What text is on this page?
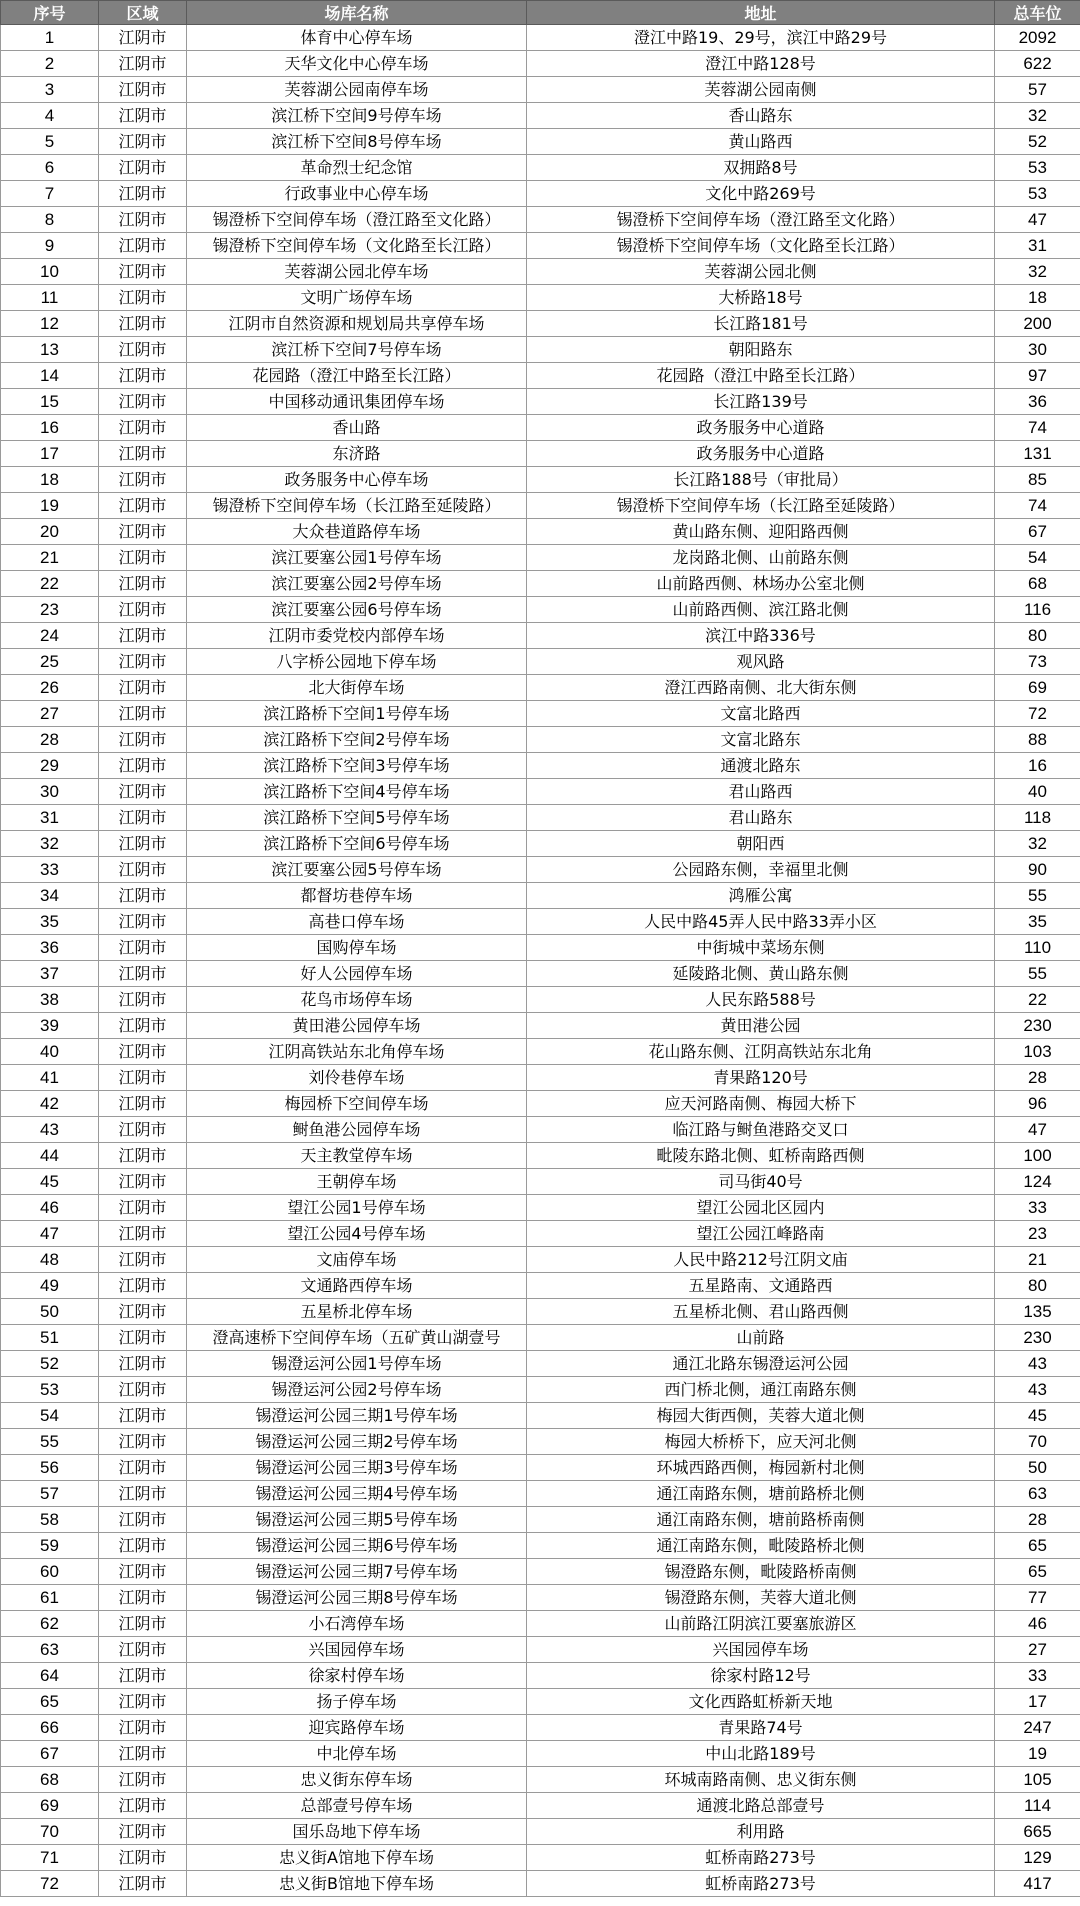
序号	区域	场库名称	地址	总车位
1	江阴市	体育中心停车场	澄江中路19、29号，滨江中路29号	2092
2	江阴市	天华文化中心停车场	澄江中路128号	622
3	江阴市	芙蓉湖公园南停车场	芙蓉湖公园南侧	57
4	江阴市	滨江桥下空间9号停车场	香山路东	32
5	江阴市	滨江桥下空间8号停车场	黄山路西	52
6	江阴市	革命烈士纪念馆	双拥路8号	53
7	江阴市	行政事业中心停车场	文化中路269号	53
8	江阴市	锡澄桥下空间停车场（澄江路至文化路）	锡澄桥下空间停车场（澄江路至文化路）	47
9	江阴市	锡澄桥下空间停车场（文化路至长江路）	锡澄桥下空间停车场（文化路至长江路）	31
10	江阴市	芙蓉湖公园北停车场	芙蓉湖公园北侧	32
11	江阴市	文明广场停车场	大桥路18号	18
12	江阴市	江阴市自然资源和规划局共享停车场	长江路181号	200
13	江阴市	滨江桥下空间7号停车场	朝阳路东	30
14	江阴市	花园路（澄江中路至长江路）	花园路（澄江中路至长江路）	97
15	江阴市	中国移动通讯集团停车场	长江路139号	36
16	江阴市	香山路	政务服务中心道路	74
17	江阴市	东济路	政务服务中心道路	131
18	江阴市	政务服务中心停车场	长江路188号（审批局）	85
19	江阴市	锡澄桥下空间停车场（长江路至延陵路）	锡澄桥下空间停车场（长江路至延陵路）	74
20	江阴市	大众巷道路停车场	黄山路东侧、迎阳路西侧	67
21	江阴市	滨江要塞公园1号停车场	龙岗路北侧、山前路东侧	54
22	江阴市	滨江要塞公园2号停车场	山前路西侧、林场办公室北侧	68
23	江阴市	滨江要塞公园6号停车场	山前路西侧、滨江路北侧	116
24	江阴市	江阴市委党校内部停车场	滨江中路336号	80
25	江阴市	八字桥公园地下停车场	观风路	73
26	江阴市	北大街停车场	澄江西路南侧、北大街东侧	69
27	江阴市	滨江路桥下空间1号停车场	文富北路西	72
28	江阴市	滨江路桥下空间2号停车场	文富北路东	88
29	江阴市	滨江路桥下空间3号停车场	通渡北路东	16
30	江阴市	滨江路桥下空间4号停车场	君山路西	40
31	江阴市	滨江路桥下空间5号停车场	君山路东	118
32	江阴市	滨江路桥下空间6号停车场	朝阳西	32
33	江阴市	滨江要塞公园5号停车场	公园路东侧，幸福里北侧	90
34	江阴市	都督坊巷停车场	鸿雁公寓	55
35	江阴市	高巷口停车场	人民中路45弄人民中路33弄小区	35
36	江阴市	国购停车场	中街城中菜场东侧	110
37	江阴市	好人公园停车场	延陵路北侧、黄山路东侧	55
38	江阴市	花鸟市场停车场	人民东路588号	22
39	江阴市	黄田港公园停车场	黄田港公园	230
40	江阴市	江阴高铁站东北角停车场	花山路东侧、江阴高铁站东北角	103
41	江阴市	刘伶巷停车场	青果路120号	28
42	江阴市	梅园桥下空间停车场	应天河路南侧、梅园大桥下	96
43	江阴市	鲥鱼港公园停车场	临江路与鲥鱼港路交叉口	47
44	江阴市	天主教堂停车场	毗陵东路北侧、虹桥南路西侧	100
45	江阴市	王朝停车场	司马街40号	124
46	江阴市	望江公园1号停车场	望江公园北区园内	33
47	江阴市	望江公园4号停车场	望江公园江峰路南	23
48	江阴市	文庙停车场	人民中路212号江阴文庙	21
49	江阴市	文通路西停车场	五星路南、文通路西	80
50	江阴市	五星桥北停车场	五星桥北侧、君山路西侧	135
51	江阴市	澄高速桥下空间停车场（五矿黄山湖壹号	山前路	230
52	江阴市	锡澄运河公园1号停车场	通江北路东锡澄运河公园	43
53	江阴市	锡澄运河公园2号停车场	西门桥北侧，通江南路东侧	43
54	江阴市	锡澄运河公园三期1号停车场	梅园大街西侧，芙蓉大道北侧	45
55	江阴市	锡澄运河公园三期2号停车场	梅园大桥桥下，应天河北侧	70
56	江阴市	锡澄运河公园三期3号停车场	环城西路西侧，梅园新村北侧	50
57	江阴市	锡澄运河公园三期4号停车场	通江南路东侧，塘前路桥北侧	63
58	江阴市	锡澄运河公园三期5号停车场	通江南路东侧，塘前路桥南侧	28
59	江阴市	锡澄运河公园三期6号停车场	通江南路东侧，毗陵路桥北侧	65
60	江阴市	锡澄运河公园三期7号停车场	锡澄路东侧，毗陵路桥南侧	65
61	江阴市	锡澄运河公园三期8号停车场	锡澄路东侧，芙蓉大道北侧	77
62	江阴市	小石湾停车场	山前路江阴滨江要塞旅游区	46
63	江阴市	兴国园停车场	兴国园停车场	27
64	江阴市	徐家村停车场	徐家村路12号	33
65	江阴市	扬子停车场	文化西路虹桥新天地	17
66	江阴市	迎宾路停车场	青果路74号	247
67	江阴市	中北停车场	中山北路189号	19
68	江阴市	忠义街东停车场	环城南路南侧、忠义街东侧	105
69	江阴市	总部壹号停车场	通渡北路总部壹号	114
70	江阴市	国乐岛地下停车场	利用路	665
71	江阴市	忠义街A馆地下停车场	虹桥南路273号	129
72	江阴市	忠义街B馆地下停车场	虹桥南路273号	417
